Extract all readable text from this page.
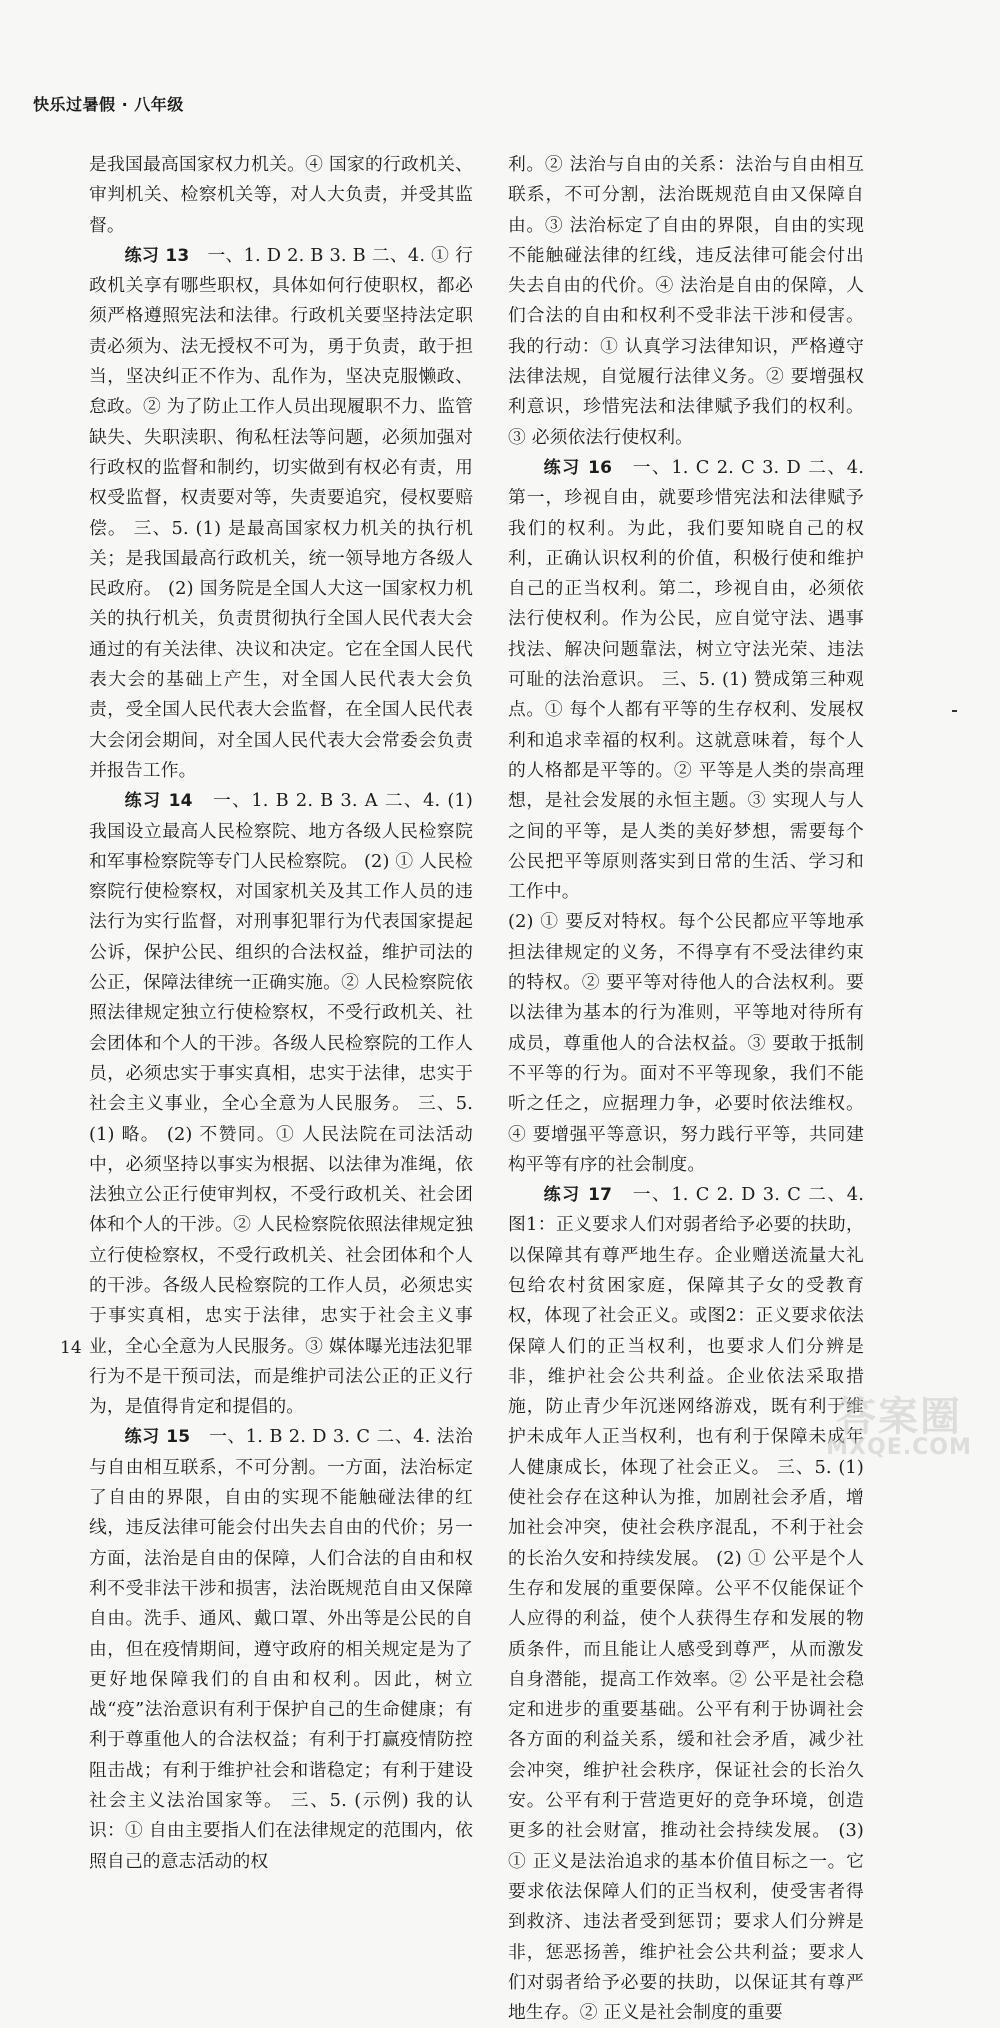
快乐过暑假 · 八年级

是我国最高国家权力机关。④ 国家的行政机关、审判机关、检察机关等，对人大负责，并受其监督。

练习 13　 一、1. D 2. B 3. B 二、4. ① 行政机关享有哪些职权，具体如何行使职权，都必须严格遵照宪法和法律。行政机关要坚持法定职责必须为、法无授权不可为，勇于负责，敢于担当，坚决纠正不作为、乱作为，坚决克服懒政、怠政。② 为了防止工作人员出现履职不力、监管缺失、失职渎职、徇私枉法等问题，必须加强对行政权的监督和制约，切实做到有权必有责，用权受监督，权责要对等，失责要追究，侵权要赔偿。 三、5. (1) 是最高国家权力机关的执行机关；是我国最高行政机关，统一领导地方各级人民政府。 (2) 国务院是全国人大这一国家权力机关的执行机关，负责贯彻执行全国人民代表大会通过的有关法律、决议和决定。它在全国人民代表大会的基础上产生，对全国人民代表大会负责，受全国人民代表大会监督，在全国人民代表大会闭会期间，对全国人民代表大会常委会负责并报告工作。

练习 14　 一、1. B 2. B 3. A 二、4. (1) 我国设立最高人民检察院、地方各级人民检察院和军事检察院等专门人民检察院。 (2) ① 人民检察院行使检察权，对国家机关及其工作人员的违法行为实行监督，对刑事犯罪行为代表国家提起公诉，保护公民、组织的合法权益，维护司法的公正，保障法律统一正确实施。② 人民检察院依照法律规定独立行使检察权，不受行政机关、社会团体和个人的干涉。各级人民检察院的工作人员，必须忠实于事实真相，忠实于法律，忠实于社会主义事业，全心全意为人民服务。 三、5. (1) 略。 (2) 不赞同。① 人民法院在司法活动中，必须坚持以事实为根据、以法律为准绳，依法独立公正行使审判权，不受行政机关、社会团体和个人的干涉。② 人民检察院依照法律规定独立行使检察权，不受行政机关、社会团体和个人的干涉。各级人民检察院的工作人员，必须忠实于事实真相，忠实于法律，忠实于社会主义事业，全心全意为人民服务。③ 媒体曝光违法犯罪行为不是干预司法，而是维护司法公正的正义行为，是值得肯定和提倡的。

练习 15　 一、1. B 2. D 3. C 二、4. 法治与自由相互联系，不可分割。一方面，法治标定了自由的界限，自由的实现不能触碰法律的红线，违反法律可能会付出失去自由的代价；另一方面，法治是自由的保障，人们合法的自由和权利不受非法干涉和损害，法治既规范自由又保障自由。洗手、通风、戴口罩、外出等是公民的自由，但在疫情期间，遵守政府的相关规定是为了更好地保障我们的自由和权利。因此，树立战“疫”法治意识有利于保护自己的生命健康；有利于尊重他人的合法权益；有利于打赢疫情防控阻击战；有利于维护社会和谐稳定；有利于建设社会主义法治国家等。 三、5. (示例) 我的认识：① 自由主要指人们在法律规定的范围内，依照自己的意志活动的权

利。② 法治与自由的关系：法治与自由相互联系，不可分割，法治既规范自由又保障自由。③ 法治标定了自由的界限，自由的实现不能触碰法律的红线，违反法律可能会付出失去自由的代价。④ 法治是自由的保障，人们合法的自由和权利不受非法干涉和侵害。我的行动：① 认真学习法律知识，严格遵守法律法规，自觉履行法律义务。② 要增强权利意识，珍惜宪法和法律赋予我们的权利。③ 必须依法行使权利。

练习 16　 一、1. C 2. C 3. D 二、4. 第一，珍视自由，就要珍惜宪法和法律赋予我们的权利。为此，我们要知晓自己的权利，正确认识权利的价值，积极行使和维护自己的正当权利。第二，珍视自由，必须依法行使权利。作为公民，应自觉守法、遇事找法、解决问题靠法，树立守法光荣、违法可耻的法治意识。 三、5. (1) 赞成第三种观点。① 每个人都有平等的生存权利、发展权利和追求幸福的权利。这就意味着，每个人的人格都是平等的。② 平等是人类的崇高理想，是社会发展的永恒主题。③ 实现人与人之间的平等，是人类的美好梦想，需要每个公民把平等原则落实到日常的生活、学习和工作中。

(2) ① 要反对特权。每个公民都应平等地承担法律规定的义务，不得享有不受法律约束的特权。② 要平等对待他人的合法权利。要以法律为基本的行为准则，平等地对待所有成员，尊重他人的合法权益。③ 要敢于抵制不平等的行为。面对不平等现象，我们不能听之任之，应据理力争，必要时依法维权。④ 要增强平等意识，努力践行平等，共同建构平等有序的社会制度。

练习 17　 一、1. C 2. D 3. C 二、4. 图1：正义要求人们对弱者给予必要的扶助，以保障其有尊严地生存。企业赠送流量大礼包给农村贫困家庭，保障其子女的受教育权，体现了社会正义。或图2：正义要求依法保障人们的正当权利，也要求人们分辨是非，维护社会公共利益。企业依法采取措施，防止青少年沉迷网络游戏，既有利于维护未成年人正当权利，也有利于保障未成年人健康成长，体现了社会正义。 三、5. (1) 使社会存在这种认为推，加剧社会矛盾，增加社会冲突，使社会秩序混乱，不利于社会的长治久安和持续发展。 (2) ① 公平是个人生存和发展的重要保障。公平不仅能保证个人应得的利益，使个人获得生存和发展的物质条件，而且能让人感受到尊严，从而激发自身潜能，提高工作效率。② 公平是社会稳定和进步的重要基础。公平有利于协调社会各方面的利益关系，缓和社会矛盾，减少社会冲突，维护社会秩序，保证社会的长治久安。公平有利于营造更好的竞争环境，创造更多的社会财富，推动社会持续发展。 (3) ① 正义是法治追求的基本价值目标之一。它要求依法保障人们的正当权利，使受害者得到救济、违法者受到惩罚；要求人们分辨是非，惩恶扬善，维护社会公共利益；要求人们对弱者给予必要的扶助，以保证其有尊严地生存。② 正义是社会制度的重要

14
答案圈
MXQE.COM
